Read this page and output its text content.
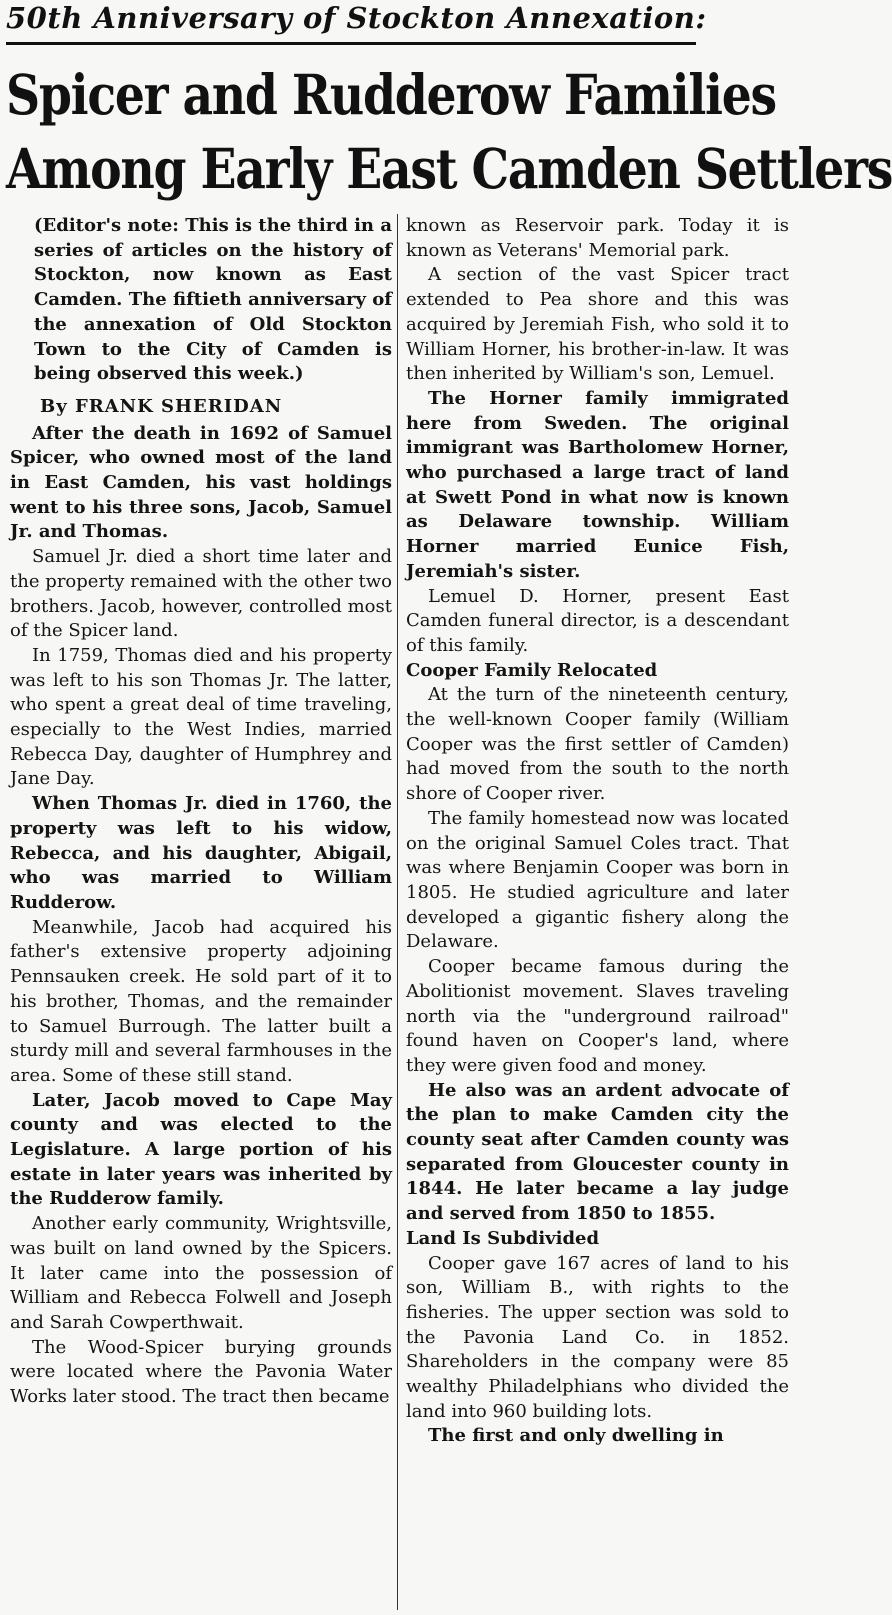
50th Anniversary of Stockton Annexation:
Spicer and Rudderow Families
Among Early East Camden Settlers

(Editor's note: This is the third in a series of articles on the history of Stockton, now known as East Camden. The fiftieth anniversary of the annexation of Old Stockton Town to the City of Camden is being observed this week.)

By FRANK SHERIDAN

After the death in 1692 of Samuel Spicer, who owned most of the land in East Camden, his vast holdings went to his three sons, Jacob, Samuel Jr. and Thomas.

Samuel Jr. died a short time later and the property remained with the other two brothers. Jacob, however, controlled most of the Spicer land.

In 1759, Thomas died and his property was left to his son Thomas Jr. The latter, who spent a great deal of time traveling, especially to the West Indies, married Rebecca Day, daughter of Humphrey and Jane Day.

When Thomas Jr. died in 1760, the property was left to his widow, Rebecca, and his daughter, Abigail, who was married to William Rudderow.

Meanwhile, Jacob had acquired his father's extensive property adjoining Pennsauken creek. He sold part of it to his brother, Thomas, and the remainder to Samuel Burrough. The latter built a sturdy mill and several farmhouses in the area. Some of these still stand.

Later, Jacob moved to Cape May county and was elected to the Legislature. A large portion of his estate in later years was inherited by the Rudderow family.

Another early community, Wrightsville, was built on land owned by the Spicers. It later came into the possession of William and Rebecca Folwell and Joseph and Sarah Cowperthwait.

The Wood-Spicer burying grounds were located where the Pavonia Water Works later stood. The tract then became

known as Reservoir park. Today it is known as Veterans' Memorial park.

A section of the vast Spicer tract extended to Pea shore and this was acquired by Jeremiah Fish, who sold it to William Horner, his brother-in-law. It was then inherited by William's son, Lemuel.

The Horner family immigrated here from Sweden. The original immigrant was Bartholomew Horner, who purchased a large tract of land at Swett Pond in what now is known as Delaware township. William Horner married Eunice Fish, Jeremiah's sister.

Lemuel D. Horner, present East Camden funeral director, is a descendant of this family.

Cooper Family Relocated

At the turn of the nineteenth century, the well-known Cooper family (William Cooper was the first settler of Camden) had moved from the south to the north shore of Cooper river.

The family homestead now was located on the original Samuel Coles tract. That was where Benjamin Cooper was born in 1805. He studied agriculture and later developed a gigantic fishery along the Delaware.

Cooper became famous during the Abolitionist movement. Slaves traveling north via the "underground railroad" found haven on Cooper's land, where they were given food and money.

He also was an ardent advocate of the plan to make Camden city the county seat after Camden county was separated from Gloucester county in 1844. He later became a lay judge and served from 1850 to 1855.

Land Is Subdivided

Cooper gave 167 acres of land to his son, William B., with rights to the fisheries. The upper section was sold to the Pavonia Land Co. in 1852. Shareholders in the company were 85 wealthy Philadelphians who divided the land into 960 building lots.

The first and only dwelling in
